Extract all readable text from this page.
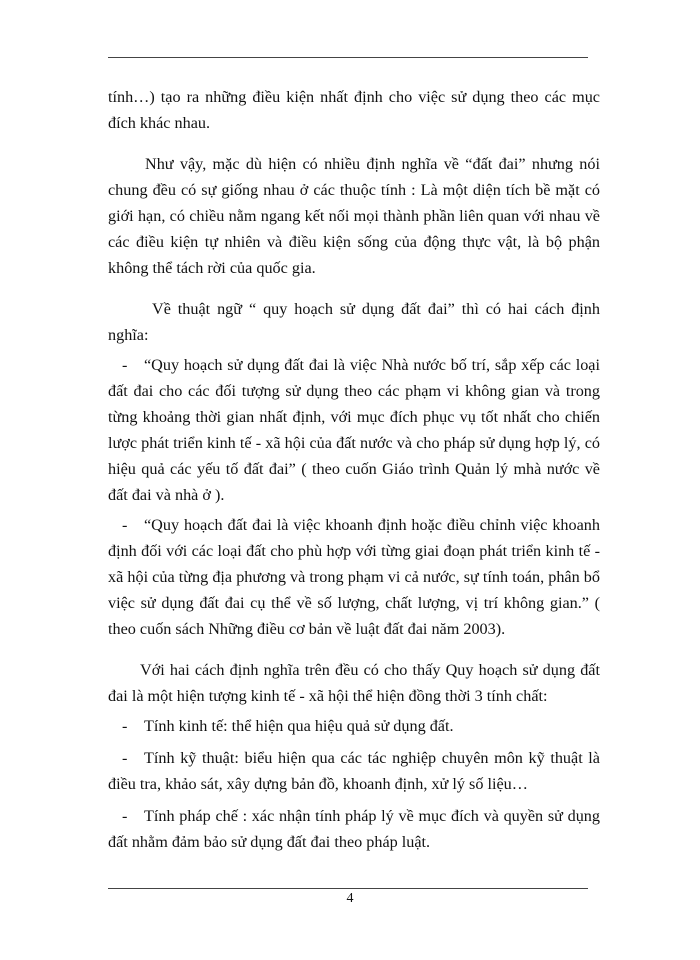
tính…) tạo ra những điều kiện nhất định cho việc sử dụng theo các mục đích khác nhau.

Như vậy, mặc dù hiện có nhiều định nghĩa về “đất đai” nhưng nói chung đều có sự giống nhau ở các thuộc tính : Là một diện tích bề mặt có giới hạn, có chiều nằm ngang kết nối mọi thành phần liên quan với nhau về các điều kiện tự nhiên và điều kiện sống của động thực vật, là bộ phận không thể tách rời của quốc gia.

Về thuật ngữ “ quy hoạch sử dụng đất đai” thì có hai cách định nghĩa:

-	“Quy hoạch sử dụng đất đai là việc Nhà nước bố trí, sắp xếp các loại đất đai cho các đối tượng sử dụng theo các phạm vi không gian và trong từng khoảng thời gian nhất định, với mục đích phục vụ tốt nhất cho chiến lược phát triển kinh tế - xã hội của đất nước và cho pháp sử dụng hợp lý, có hiệu quả các yếu tố đất đai” ( theo cuốn Giáo trình Quản lý mhà nước về đất đai và nhà ở ).
-	“Quy hoạch đất đai là việc khoanh định hoặc điều chỉnh việc khoanh định đối với các loại đất cho phù hợp với từng giai đoạn phát triển kinh tế - xã hội của từng địa phương và trong phạm vi cả nước, sự tính toán, phân bổ việc sử dụng đất đai cụ thể về số lượng, chất lượng, vị trí không gian.” ( theo cuốn sách Những điều cơ bản về luật đất đai năm 2003).

Với hai cách định nghĩa trên đều có cho thấy Quy hoạch sử dụng đất đai là một hiện tượng kinh tế - xã hội thể hiện đồng thời 3 tính chất:

-	Tính kinh tế: thể hiện qua hiệu quả sử dụng đất.
-	Tính kỹ thuật: biểu hiện qua các tác nghiệp chuyên môn kỹ thuật là điều tra, khảo sát, xây dựng bản đồ, khoanh định, xử lý số liệu…
-	Tính pháp chế : xác nhận tính pháp lý về mục đích và quyền sử dụng đất nhằm đảm bảo sử dụng đất đai theo pháp luật.
4
